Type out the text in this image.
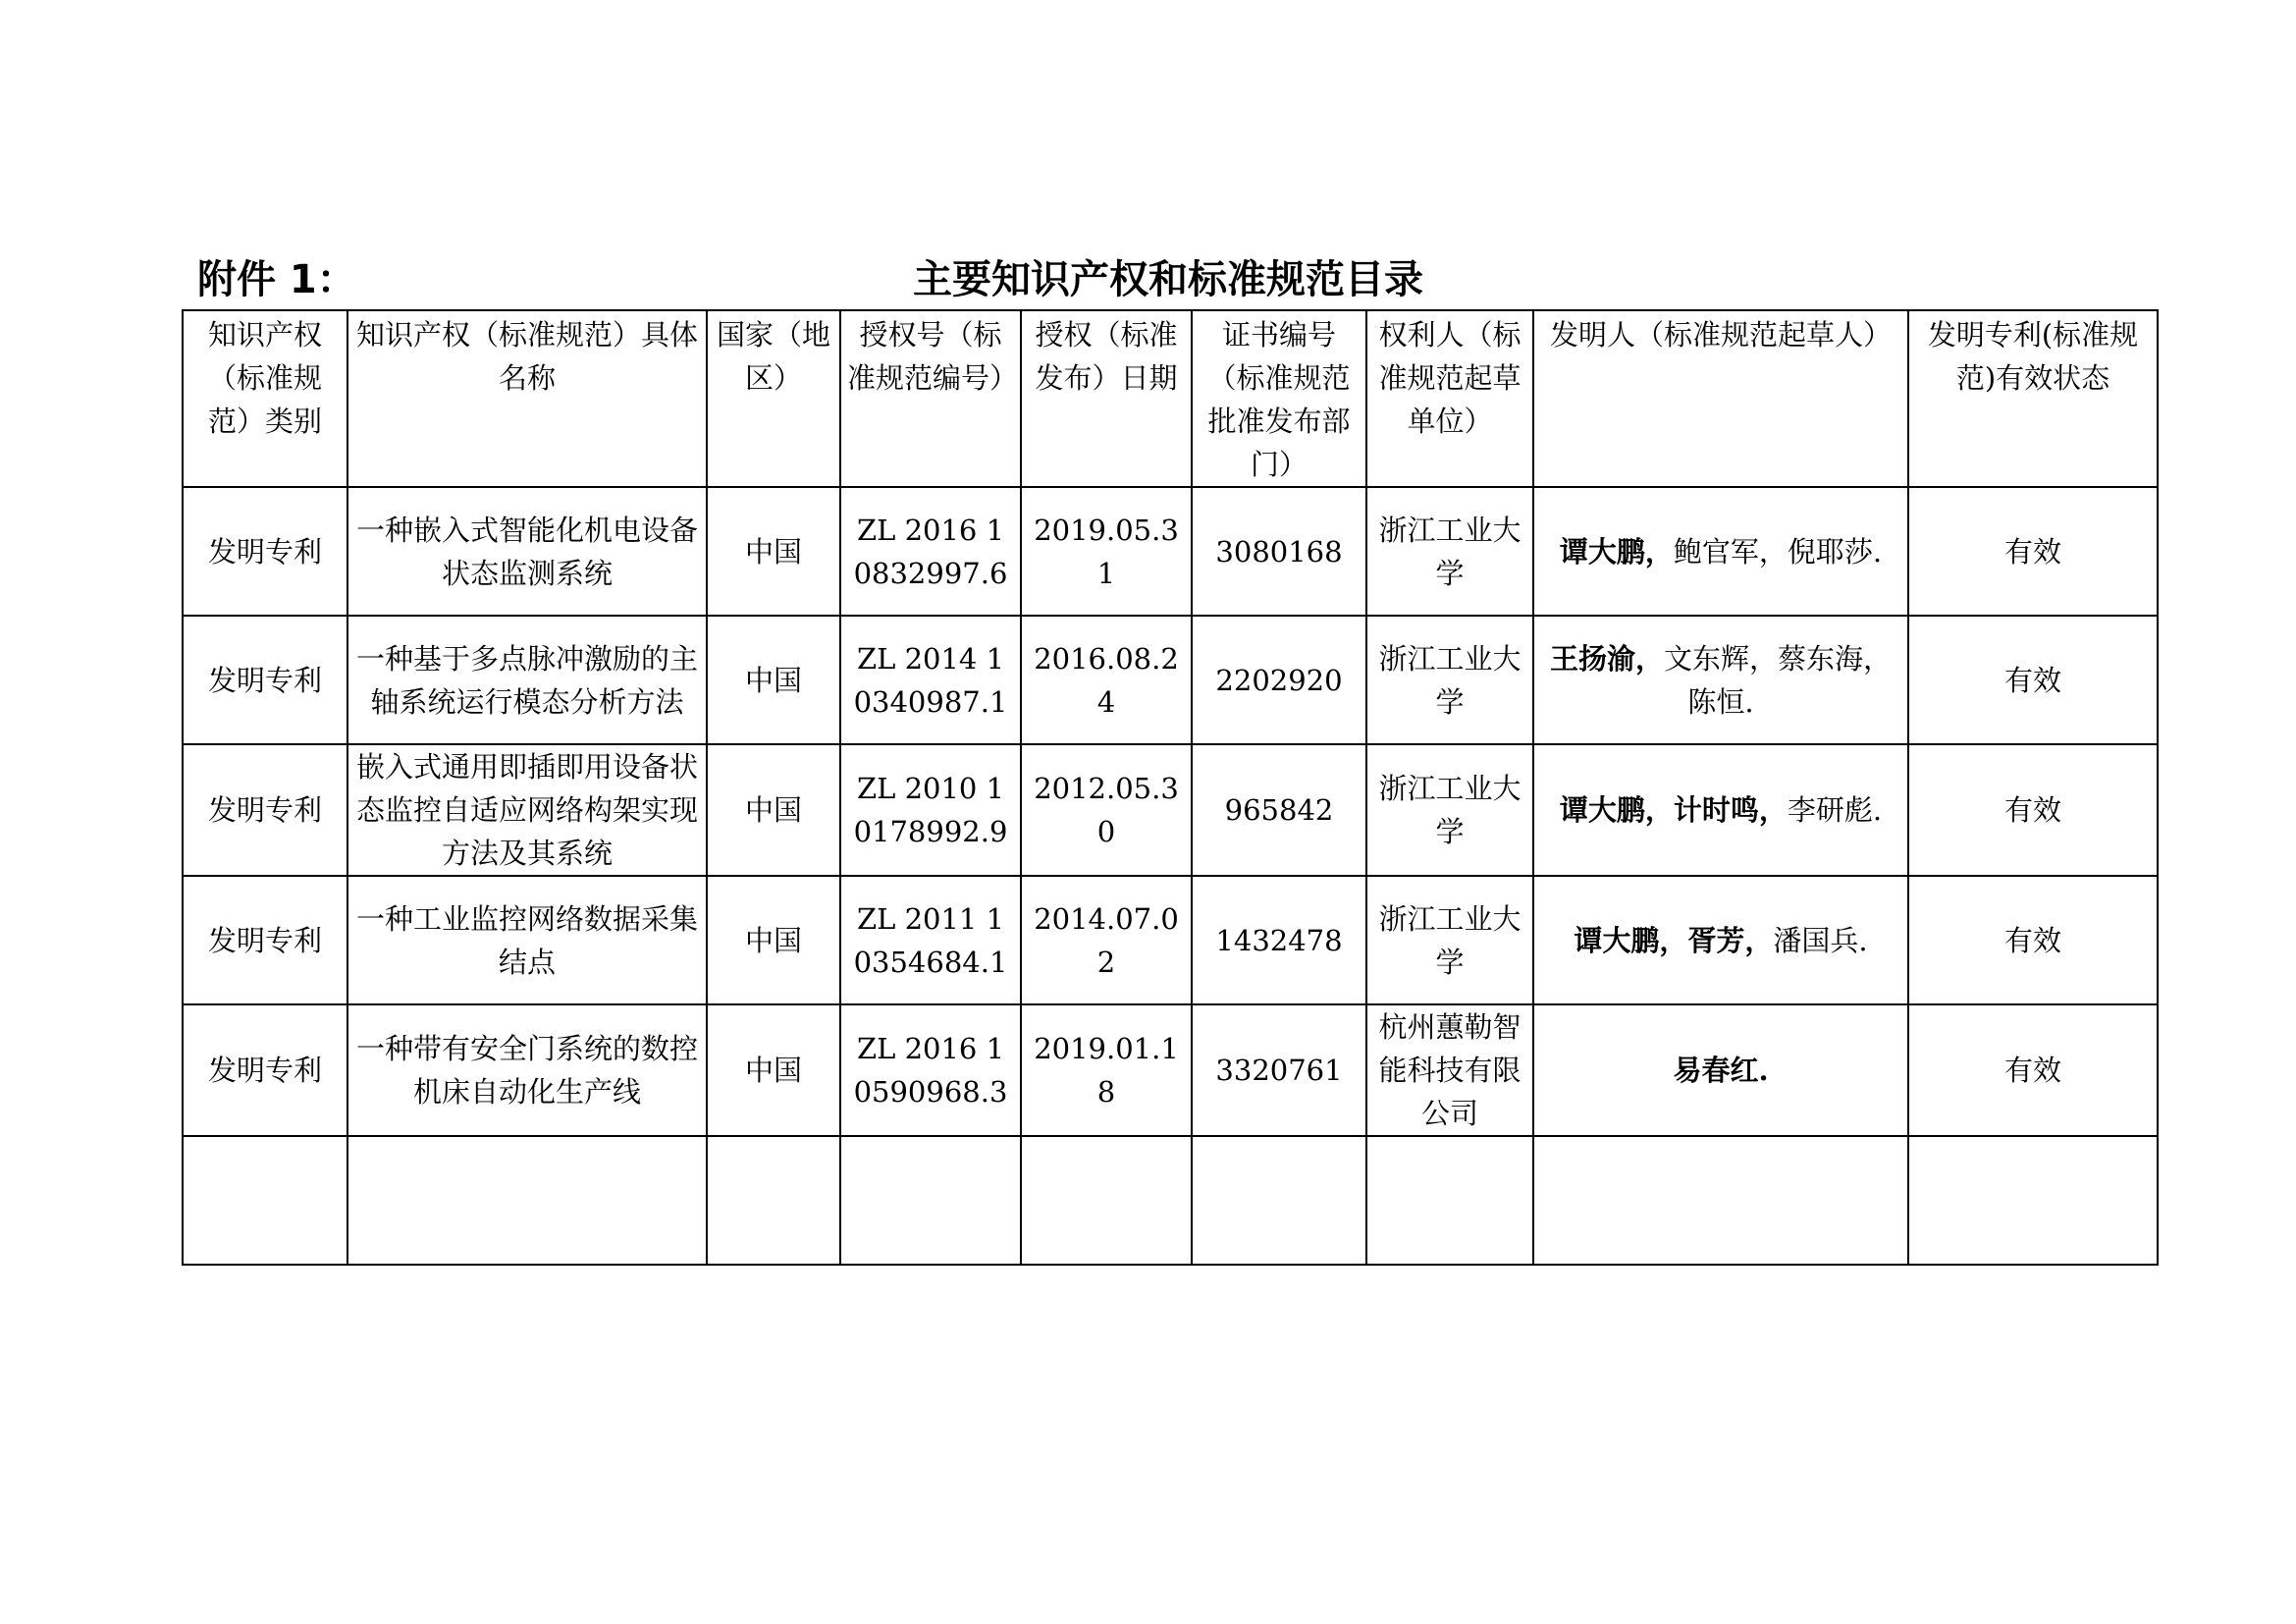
附件 1：	主要知识产权和标准规范目录
知识产权（标准规范）类别	知识产权（标准规范）具体名称	国家（地区）	授权号（标准规范编号）	授权（标准发布）日期	证书编号（标准规范批准发布部门）	权利人（标准规范起草单位）	发明人（标准规范起草人）	发明专利(标准规范)有效状态
发明专利	一种嵌入式智能化机电设备状态监测系统	中国	ZL 2016 1 0832997.6	2019.05.31	3080168	浙江工业大学	谭大鹏，鲍官军，倪耶莎.	有效
发明专利	一种基于多点脉冲激励的主轴系统运行模态分析方法	中国	ZL 2014 1 0340987.1	2016.08.24	2202920	浙江工业大学	王扬渝，文东辉，蔡东海，陈恒.	有效
发明专利	嵌入式通用即插即用设备状态监控自适应网络构架实现方法及其系统	中国	ZL 2010 1 0178992.9	2012.05.30	965842	浙江工业大学	谭大鹏，计时鸣，李研彪.	有效
发明专利	一种工业监控网络数据采集结点	中国	ZL 2011 1 0354684.1	2014.07.02	1432478	浙江工业大学	谭大鹏，胥芳，潘国兵.	有效
发明专利	一种带有安全门系统的数控机床自动化生产线	中国	ZL 2016 1 0590968.3	2019.01.18	3320761	杭州蕙勒智能科技有限公司	易春红.	有效
